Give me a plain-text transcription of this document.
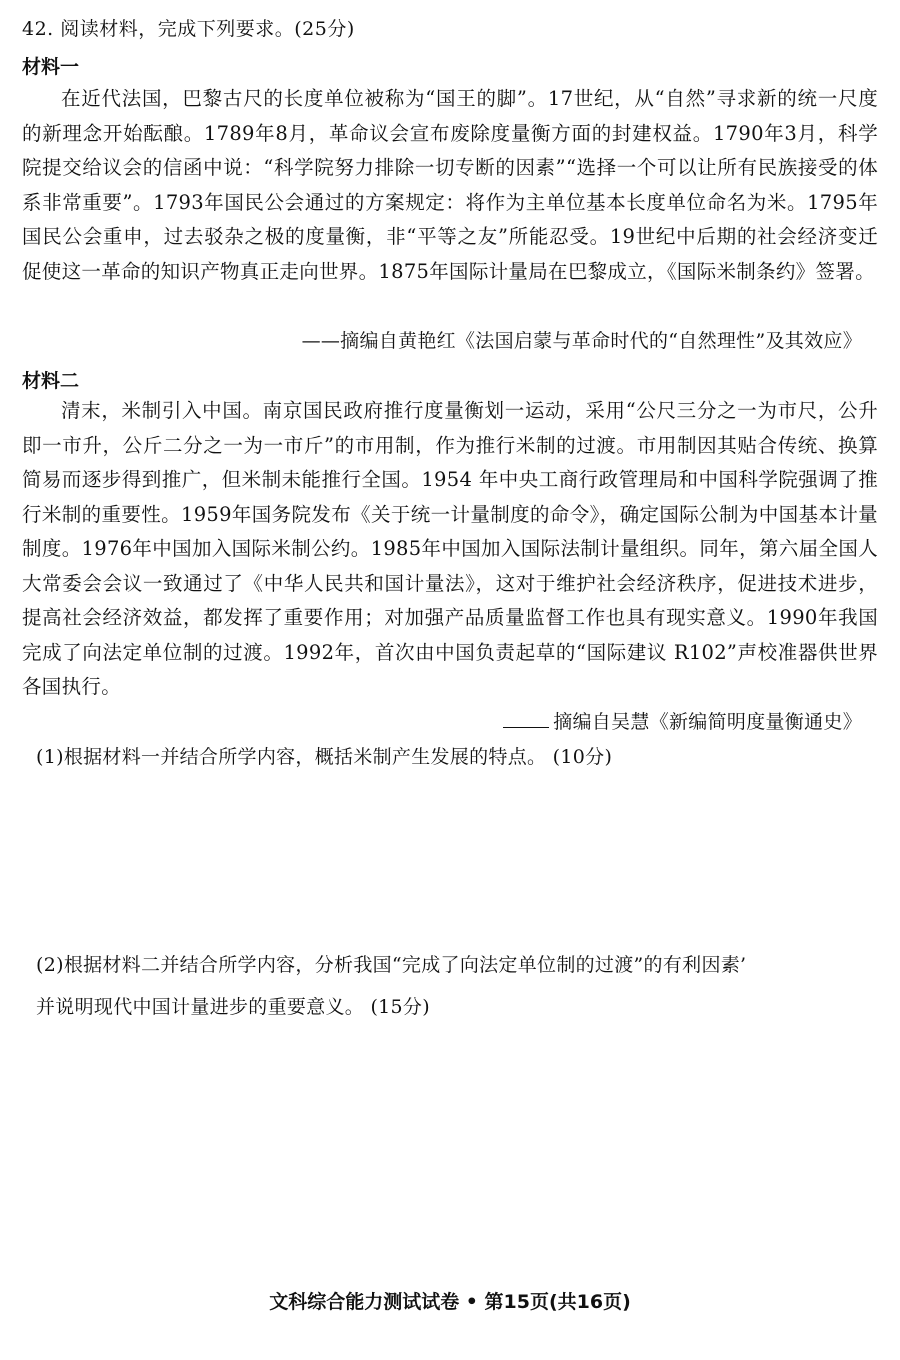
42. 阅读材料，完成下列要求。(25分)
材料一
在近代法国，巴黎古尺的长度单位被称为“国王的脚”。17世纪，从“自然”寻求新的统一尺度的新理念开始酝酿。1789年8月，革命议会宣布废除度量衡方面的封建权益。1790年3月，科学院提交给议会的信函中说：“科学院努力排除一切专断的因素”“选择一个可以让所有民族接受的体系非常重要”。1793年国民公会通过的方案规定：将作为主单位基本长度单位命名为米。1795年国民公会重申，过去驳杂之极的度量衡，非“平等之友”所能忍受。19世纪中后期的社会经济变迁促使这一革命的知识产物真正走向世界。1875年国际计量局在巴黎成立，《国际米制条约》签署。
——摘编自黄艳红《法国启蒙与革命时代的“自然理性”及其效应》
材料二
清末，米制引入中国。南京国民政府推行度量衡划一运动，采用“公尺三分之一为市尺，公升即一市升，公斤二分之一为一市斤”的市用制，作为推行米制的过渡。市用制因其贴合传统、换算简易而逐步得到推广，但米制未能推行全国。1954 年中央工商行政管理局和中国科学院强调了推行米制的重要性。1959年国务院发布《关于统一计量制度的命令》，确定国际公制为中国基本计量制度。1976年中国加入国际米制公约。1985年中国加入国际法制计量组织。同年，第六届全国人大常委会会议一致通过了《中华人民共和国计量法》，这对于维护社会经济秩序，促进技术进步，提高社会经济效益，都发挥了重要作用；对加强产品质量监督工作也具有现实意义。1990年我国完成了向法定单位制的过渡。1992年，首次由中国负责起草的“国际建议 R102”声校准器供世界各国执行。
摘编自吴慧《新编简明度量衡通史》
(1)根据材料一并结合所学内容，概括米制产生发展的特点。 (10分)
(2)根据材料二并结合所学内容，分析我国“完成了向法定单位制的过渡”的有利因素’
并说明现代中国计量进步的重要意义。 (15分)
文科综合能力测试试卷 • 第15页(共16页)
